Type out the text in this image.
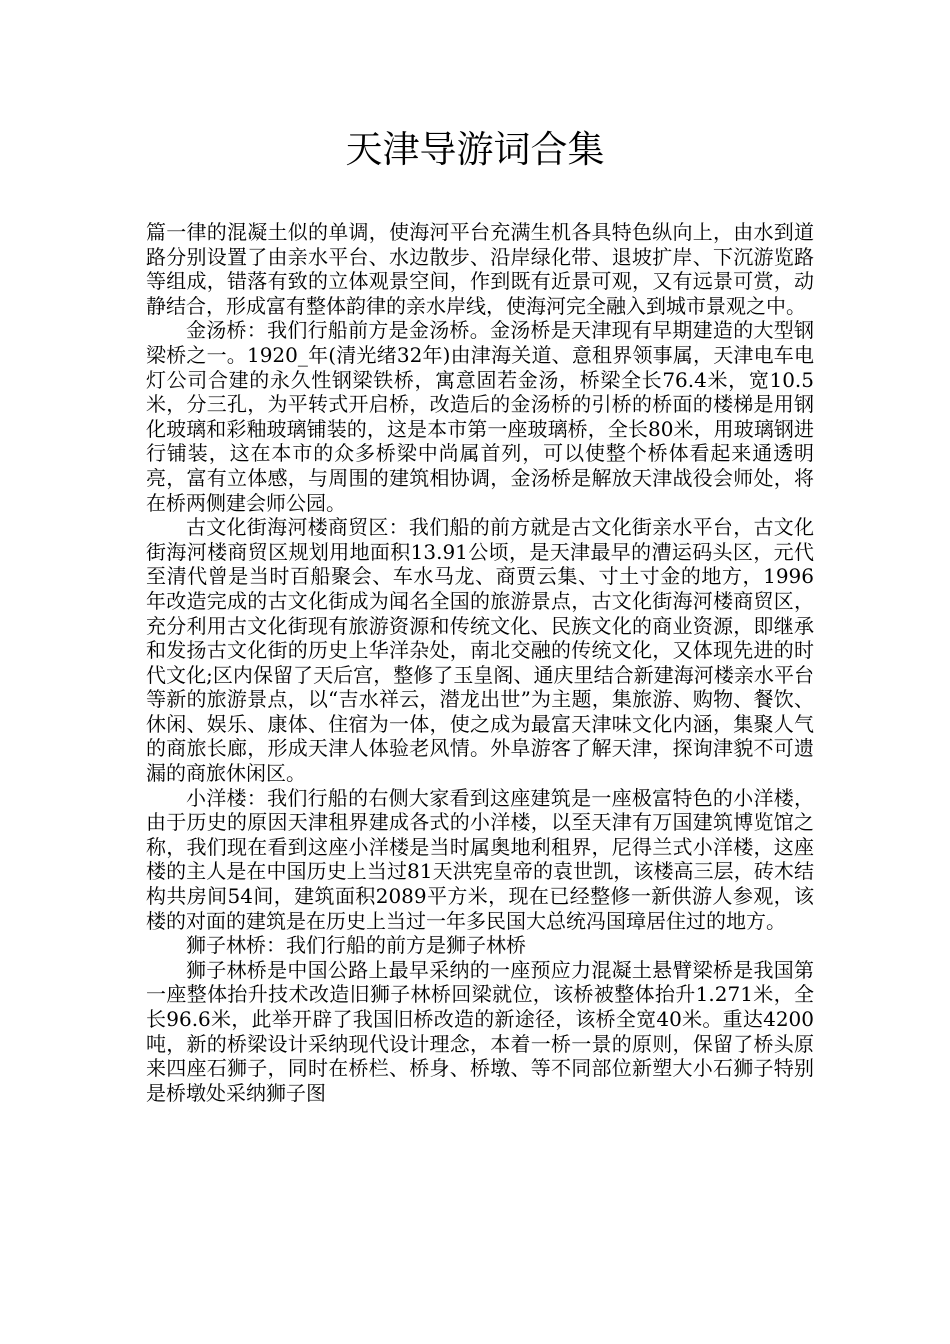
天津导游词合集

篇一律的混凝土似的单调，使海河平台充满生机各具特色纵向上，由水到道路分别设置了由亲水平台、水边散步、沿岸绿化带、退坡扩岸、下沉游览路等组成，错落有致的立体观景空间，作到既有近景可观，又有远景可赏，动静结合，形成富有整体韵律的亲水岸线，使海河完全融入到城市景观之中。

金汤桥：我们行船前方是金汤桥。金汤桥是天津现有早期建造的大型钢梁桥之一。1920_年(清光绪32年)由津海关道、意租界领事属，天津电车电灯公司合建的永久性钢梁铁桥，寓意固若金汤，桥梁全长76.4米，宽10.5米，分三孔，为平转式开启桥，改造后的金汤桥的引桥的桥面的楼梯是用钢化玻璃和彩釉玻璃铺装的，这是本市第一座玻璃桥，全长80米，用玻璃钢进行铺装，这在本市的众多桥梁中尚属首列，可以使整个桥体看起来通透明亮，富有立体感，与周围的建筑相协调，金汤桥是解放天津战役会师处，将在桥两侧建会师公园。

古文化街海河楼商贸区：我们船的前方就是古文化街亲水平台，古文化街海河楼商贸区规划用地面积13.91公顷，是天津最早的漕运码头区，元代至清代曾是当时百船聚会、车水马龙、商贾云集、寸土寸金的地方，1996年改造完成的古文化街成为闻名全国的旅游景点，古文化街海河楼商贸区，充分利用古文化街现有旅游资源和传统文化、民族文化的商业资源，即继承和发扬古文化街的历史上华洋杂处，南北交融的传统文化，又体现先进的时代文化;区内保留了天后宫，整修了玉皇阁、通庆里结合新建海河楼亲水平台等新的旅游景点，以“吉水祥云，潜龙出世”为主题，集旅游、购物、餐饮、休闲、娱乐、康体、住宿为一体，使之成为最富天津味文化内涵，集聚人气的商旅长廊，形成天津人体验老风情。外阜游客了解天津，探询津貌不可遗漏的商旅休闲区。

小洋楼：我们行船的右侧大家看到这座建筑是一座极富特色的小洋楼，由于历史的原因天津租界建成各式的小洋楼，以至天津有万国建筑博览馆之称，我们现在看到这座小洋楼是当时属奥地利租界，尼得兰式小洋楼，这座楼的主人是在中国历史上当过81天洪宪皇帝的袁世凯，该楼高三层，砖木结构共房间54间，建筑面积2089平方米，现在已经整修一新供游人参观，该楼的对面的建筑是在历史上当过一年多民国大总统冯国璋居住过的地方。

狮子林桥：我们行船的前方是狮子林桥

狮子林桥是中国公路上最早采纳的一座预应力混凝土悬臂梁桥是我国第一座整体抬升技术改造旧狮子林桥回梁就位，该桥被整体抬升1.271米，全长96.6米，此举开辟了我国旧桥改造的新途径，该桥全宽40米。重达4200吨，新的桥梁设计采纳现代设计理念，本着一桥一景的原则，保留了桥头原来四座石狮子，同时在桥栏、桥身、桥墩、等不同部位新塑大小石狮子特别是桥墩处采纳狮子图
